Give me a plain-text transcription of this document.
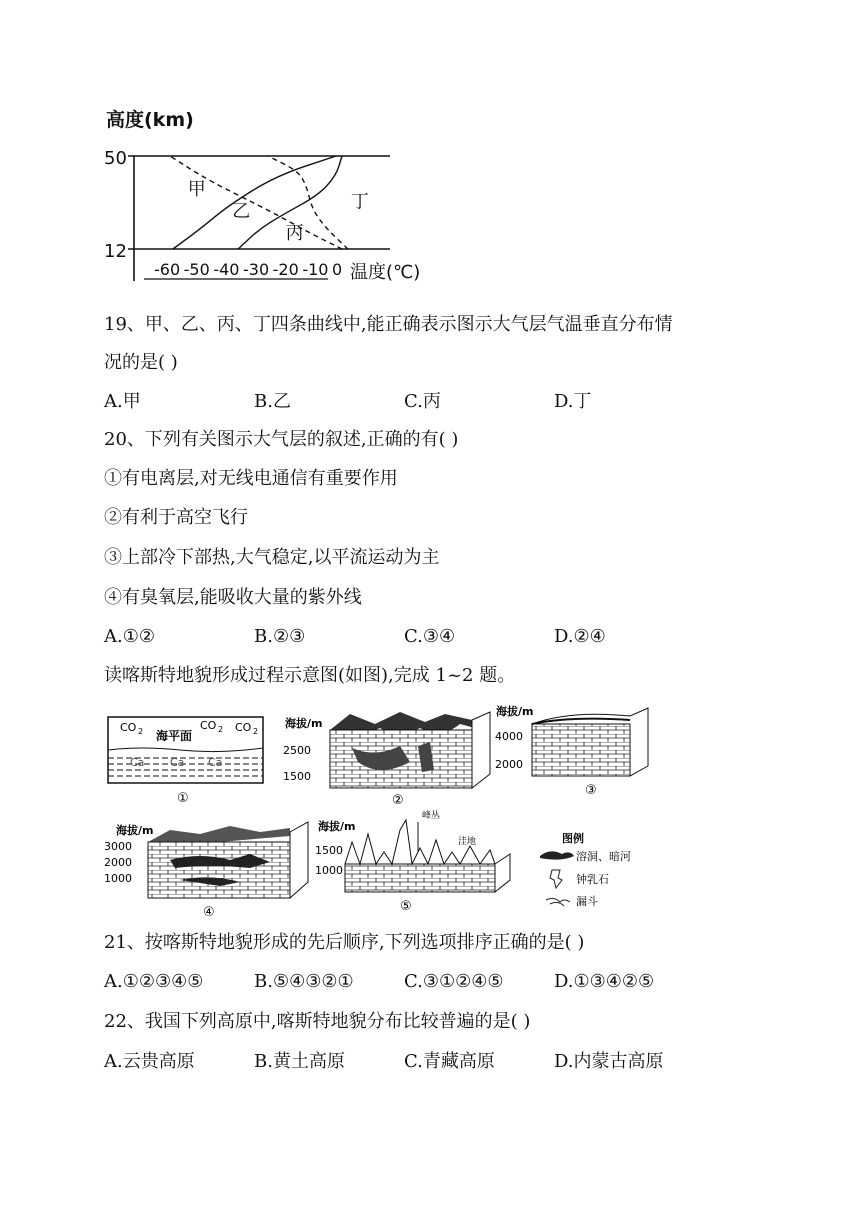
高度(km)
50
12
温度(℃)
-60 -50 -40 -30 -20 -10 0
甲
乙
丙
丁
19、甲、乙、丙、丁四条曲线中,能正确表示图示大气层气温垂直分布情
况的是( )
A.甲	B.乙	C.丙	D.丁
20、下列有关图示大气层的叙述,正确的有( )
①有电离层,对无线电通信有重要作用
②有利于高空飞行
③上部冷下部热,大气稳定,以平流运动为主
④有臭氧层,能吸收大量的紫外线
A.①②	B.②③	C.③④	D.②④
读喀斯特地貌形成过程示意图(如图),完成 1~2 题。
CO 2	CO 2 CO 2
海平面
Ca Ca Ca
①
海拔/m
2500
1500
②
海拔/m
4000
2000
③
海拔/m
3000
2000
1000
④
海拔/m
1500
1000
峰丛
洼地
⑤
图例
溶洞、暗河
钟乳石
漏斗
21、按喀斯特地貌形成的先后顺序,下列选项排序正确的是( )
A.①②③④⑤	B.⑤④③②①	C.③①②④⑤	D.①③④②⑤
22、我国下列高原中,喀斯特地貌分布比较普遍的是( )
A.云贵高原	B.黄土高原	C.青藏高原	D.内蒙古高原
